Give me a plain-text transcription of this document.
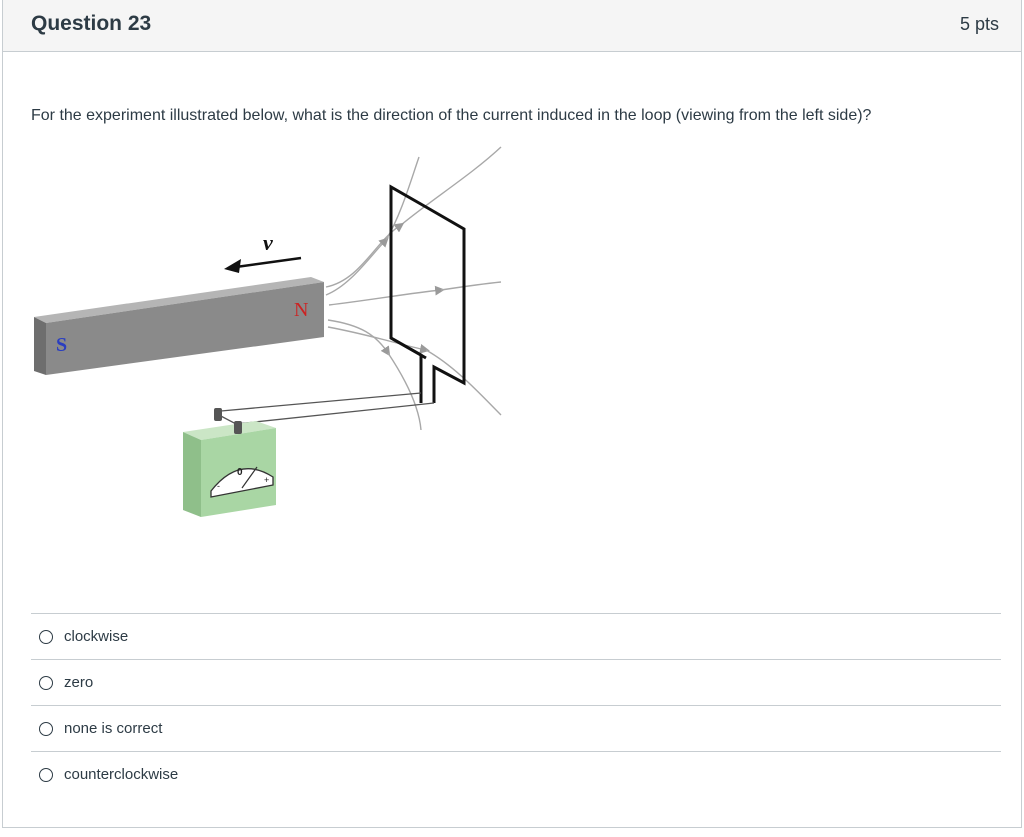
Question 23	5 pts
For the experiment illustrated below, what is the direction of the current induced in the loop (viewing from the left side)?
S
N
v⃗
0
-
+
clockwise
zero
none is correct
counterclockwise
